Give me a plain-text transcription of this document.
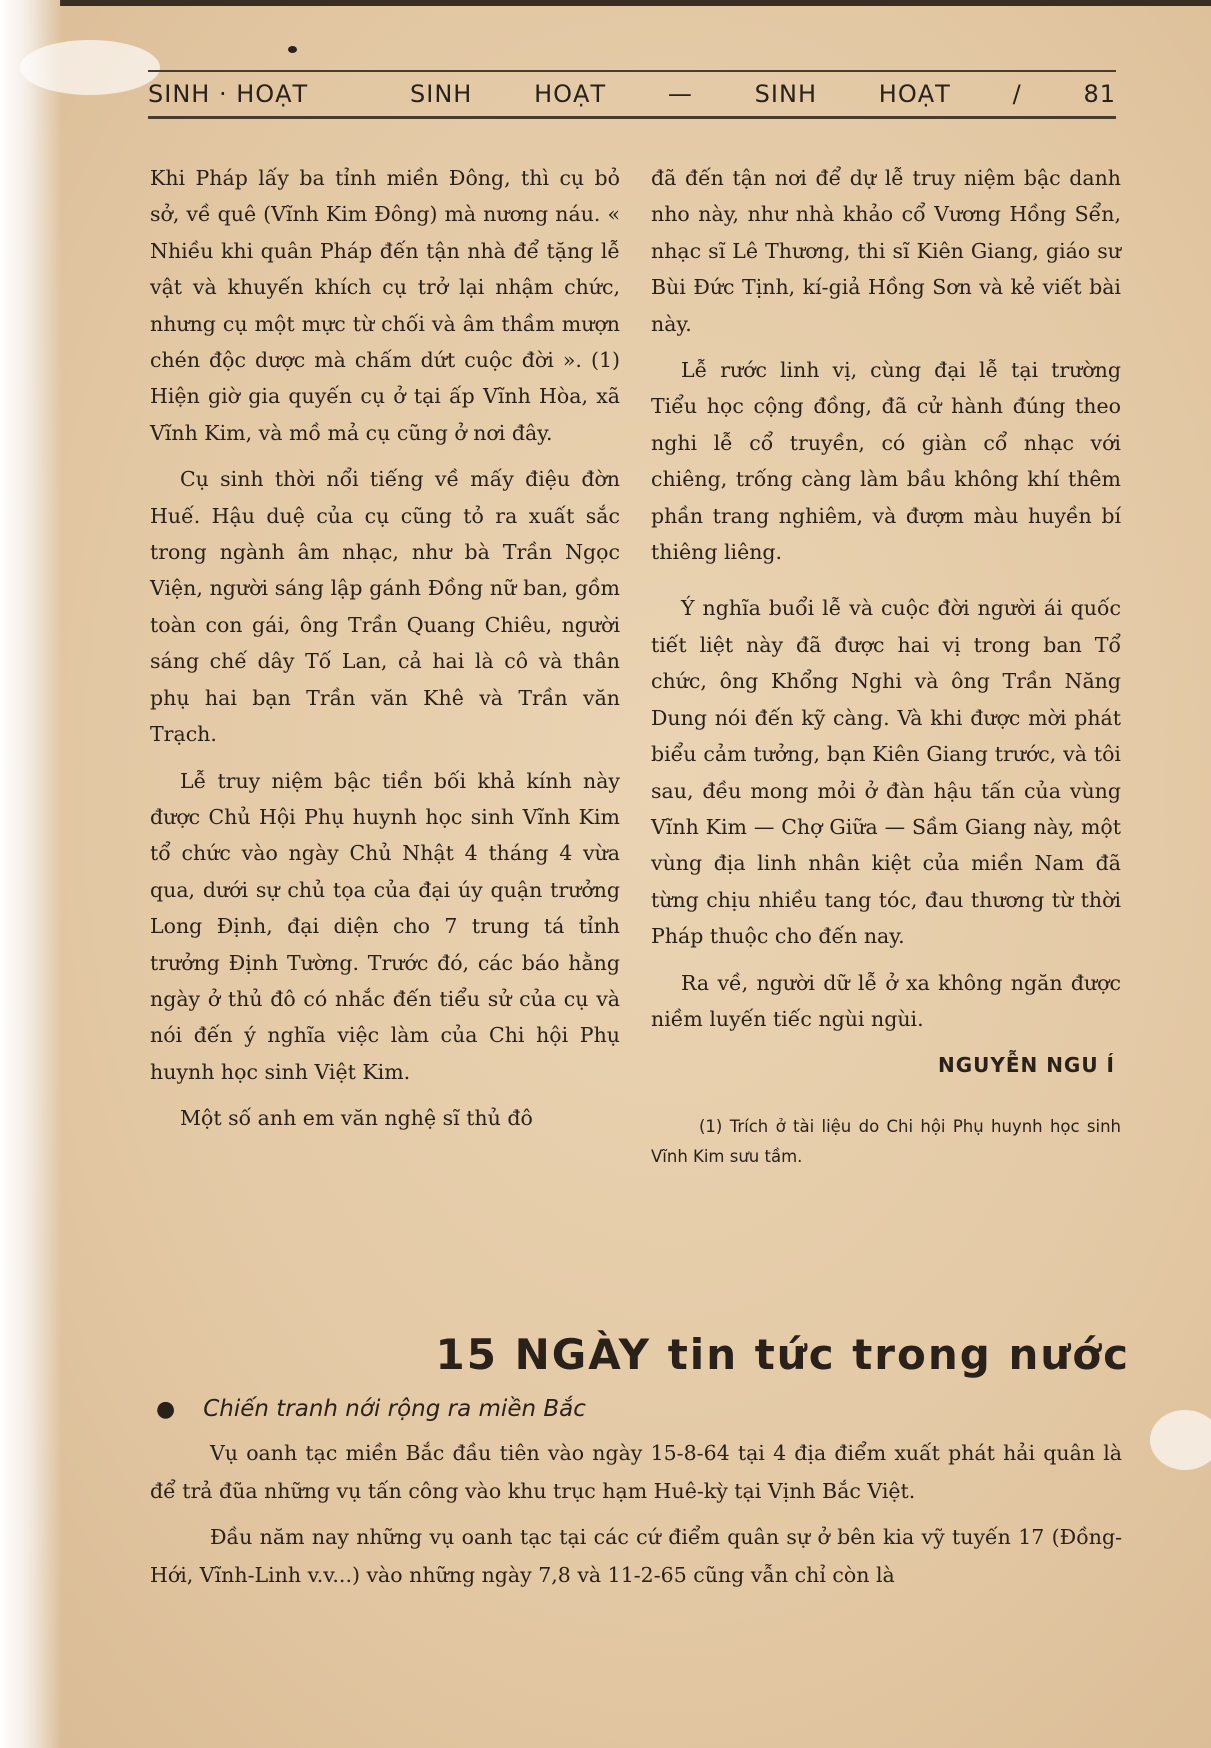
SINH · HOẠT	SINH	HOẠT	—	SINH	HOẠT	/	81

Khi Pháp lấy ba tỉnh miền Đông, thì cụ bỏ sở, về quê (Vĩnh Kim Đông) mà nương náu. « Nhiều khi quân Pháp đến tận nhà để tặng lễ vật và khuyến khích cụ trở lại nhậm chức, nhưng cụ một mực từ chối và âm thầm mượn chén độc dược mà chấm dứt cuộc đời ». (1) Hiện giờ gia quyến cụ ở tại ấp Vĩnh Hòa, xã Vĩnh Kim, và mồ mả cụ cũng ở nơi đây.

Cụ sinh thời nổi tiếng về mấy điệu đờn Huế. Hậu duệ của cụ cũng tỏ ra xuất sắc trong ngành âm nhạc, như bà Trần Ngọc Viện, người sáng lập gánh Đồng nữ ban, gồm toàn con gái, ông Trần Quang Chiêu, người sáng chế dây Tố Lan, cả hai là cô và thân phụ hai bạn Trần văn Khê và Trần văn Trạch.

Lễ truy niệm bậc tiền bối khả kính này được Chủ Hội Phụ huynh học sinh Vĩnh Kim tổ chức vào ngày Chủ Nhật 4 tháng 4 vừa qua, dưới sự chủ tọa của đại úy quận trưởng Long Định, đại diện cho 7 trung tá tỉnh trưởng Định Tường. Trước đó, các báo hằng ngày ở thủ đô có nhắc đến tiểu sử của cụ và nói đến ý nghĩa việc làm của Chi hội Phụ huynh học sinh Việt Kim.

Một số anh em văn nghệ sĩ thủ đô

đã đến tận nơi để dự lễ truy niệm bậc danh nho này, như nhà khảo cổ Vương Hồng Sển, nhạc sĩ Lê Thương, thi sĩ Kiên Giang, giáo sư Bùi Đức Tịnh, kí-giả Hồng Sơn và kẻ viết bài này.

Lễ rước linh vị, cùng đại lễ tại trường Tiểu học cộng đồng, đã cử hành đúng theo nghi lễ cổ truyền, có giàn cổ nhạc với chiêng, trống càng làm bầu không khí thêm phần trang nghiêm, và đượm màu huyền bí thiêng liêng.

Ý nghĩa buổi lễ và cuộc đời người ái quốc tiết liệt này đã được hai vị trong ban Tổ chức, ông Khổng Nghi và ông Trần Năng Dung nói đến kỹ càng. Và khi được mời phát biểu cảm tưởng, bạn Kiên Giang trước, và tôi sau, đều mong mỏi ở đàn hậu tấn của vùng Vĩnh Kim — Chợ Giữa — Sầm Giang này, một vùng địa linh nhân kiệt của miền Nam đã từng chịu nhiều tang tóc, đau thương từ thời Pháp thuộc cho đến nay.

Ra về, người dữ lễ ở xa không ngăn được niềm luyến tiếc ngùi ngùi.

NGUYỄN NGU Í
(1) Trích ở tài liệu do Chi hội Phụ huynh học sinh Vĩnh Kim sưu tầm.
15 NGÀY tin tức trong nước
● Chiến tranh nới rộng ra miền Bắc

Vụ oanh tạc miền Bắc đầu tiên vào ngày 15-8-64 tại 4 địa điểm xuất phát hải quân là để trả đũa những vụ tấn công vào khu trục hạm Huê-kỳ tại Vịnh Bắc Việt.

Đầu năm nay những vụ oanh tạc tại các cứ điểm quân sự ở bên kia vỹ tuyến 17 (Đồng-Hới, Vĩnh-Linh v.v...) vào những ngày 7,8 và 11-2-65 cũng vẫn chỉ còn là
